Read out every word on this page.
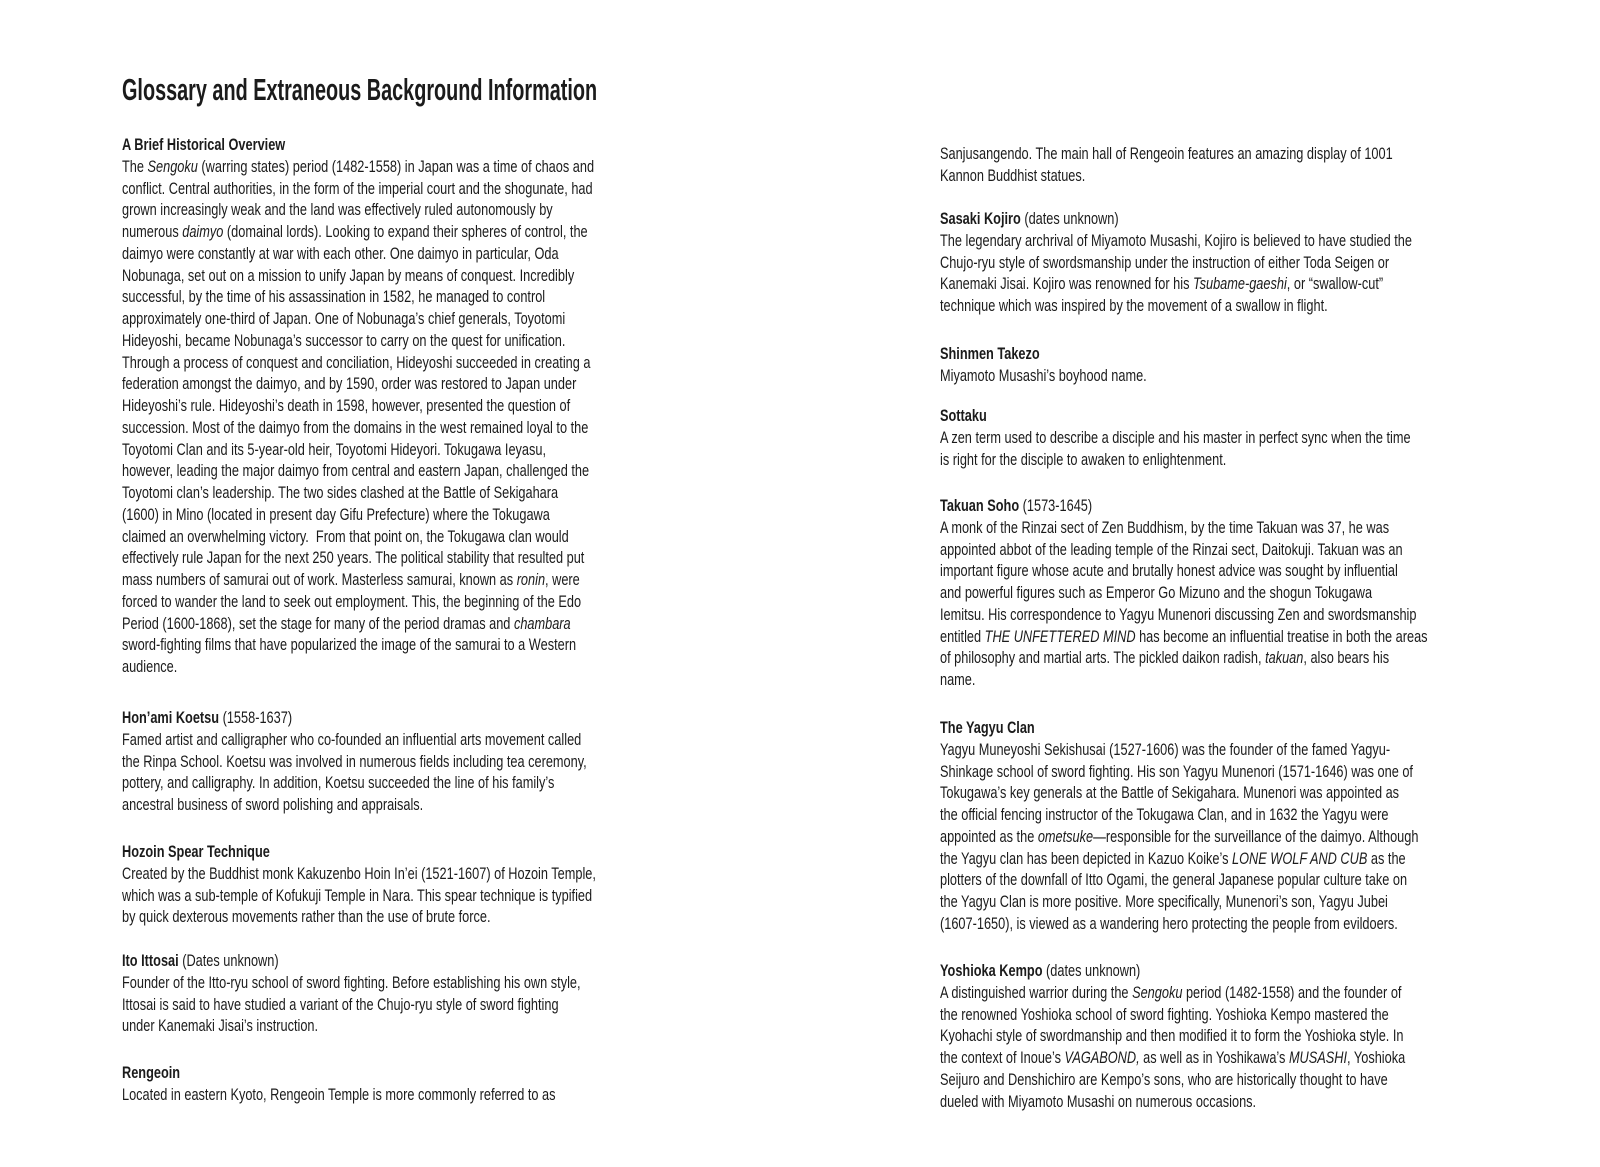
Glossary and Extraneous Background Information
A Brief Historical Overview
The Sengoku (warring states) period (1482-1558) in Japan was a time of chaos and
conflict. Central authorities, in the form of the imperial court and the shogunate, had
grown increasingly weak and the land was effectively ruled autonomously by
numerous daimyo (domainal lords). Looking to expand their spheres of control, the
daimyo were constantly at war with each other. One daimyo in particular, Oda
Nobunaga, set out on a mission to unify Japan by means of conquest. Incredibly
successful, by the time of his assassination in 1582, he managed to control
approximately one-third of Japan. One of Nobunaga’s chief generals, Toyotomi
Hideyoshi, became Nobunaga’s successor to carry on the quest for unification.
Through a process of conquest and conciliation, Hideyoshi succeeded in creating a
federation amongst the daimyo, and by 1590, order was restored to Japan under
Hideyoshi’s rule. Hideyoshi’s death in 1598, however, presented the question of
succession. Most of the daimyo from the domains in the west remained loyal to the
Toyotomi Clan and its 5-year-old heir, Toyotomi Hideyori. Tokugawa Ieyasu,
however, leading the major daimyo from central and eastern Japan, challenged the
Toyotomi clan’s leadership. The two sides clashed at the Battle of Sekigahara
(1600) in Mino (located in present day Gifu Prefecture) where the Tokugawa
claimed an overwhelming victory.  From that point on, the Tokugawa clan would
effectively rule Japan for the next 250 years. The political stability that resulted put
mass numbers of samurai out of work. Masterless samurai, known as ronin, were
forced to wander the land to seek out employment. This, the beginning of the Edo
Period (1600-1868), set the stage for many of the period dramas and chambara
sword-fighting films that have popularized the image of the samurai to a Western
audience.
Hon’ami Koetsu (1558-1637)
Famed artist and calligrapher who co-founded an influential arts movement called
the Rinpa School. Koetsu was involved in numerous fields including tea ceremony,
pottery, and calligraphy. In addition, Koetsu succeeded the line of his family’s
ancestral business of sword polishing and appraisals.
Hozoin Spear Technique
Created by the Buddhist monk Kakuzenbo Hoin In’ei (1521-1607) of Hozoin Temple,
which was a sub-temple of Kofukuji Temple in Nara. This spear technique is typified
by quick dexterous movements rather than the use of brute force.
Ito Ittosai (Dates unknown)
Founder of the Itto-ryu school of sword fighting. Before establishing his own style,
Ittosai is said to have studied a variant of the Chujo-ryu style of sword fighting
under Kanemaki Jisai’s instruction.
Rengeoin
Located in eastern Kyoto, Rengeoin Temple is more commonly referred to as
Sanjusangendo. The main hall of Rengeoin features an amazing display of 1001
Kannon Buddhist statues.
Sasaki Kojiro (dates unknown)
The legendary archrival of Miyamoto Musashi, Kojiro is believed to have studied the
Chujo-ryu style of swordsmanship under the instruction of either Toda Seigen or
Kanemaki Jisai. Kojiro was renowned for his Tsubame-gaeshi, or “swallow-cut”
technique which was inspired by the movement of a swallow in flight.
Shinmen Takezo
Miyamoto Musashi’s boyhood name.
Sottaku
A zen term used to describe a disciple and his master in perfect sync when the time
is right for the disciple to awaken to enlightenment.
Takuan Soho (1573-1645)
A monk of the Rinzai sect of Zen Buddhism, by the time Takuan was 37, he was
appointed abbot of the leading temple of the Rinzai sect, Daitokuji. Takuan was an
important figure whose acute and brutally honest advice was sought by influential
and powerful figures such as Emperor Go Mizuno and the shogun Tokugawa
Iemitsu. His correspondence to Yagyu Munenori discussing Zen and swordsmanship
entitled THE UNFETTERED MIND has become an influential treatise in both the areas
of philosophy and martial arts. The pickled daikon radish, takuan, also bears his
name.
The Yagyu Clan
Yagyu Muneyoshi Sekishusai (1527-1606) was the founder of the famed Yagyu-
Shinkage school of sword fighting. His son Yagyu Munenori (1571-1646) was one of
Tokugawa’s key generals at the Battle of Sekigahara. Munenori was appointed as
the official fencing instructor of the Tokugawa Clan, and in 1632 the Yagyu were
appointed as the ometsuke—responsible for the surveillance of the daimyo. Although
the Yagyu clan has been depicted in Kazuo Koike’s LONE WOLF AND CUB as the
plotters of the downfall of Itto Ogami, the general Japanese popular culture take on
the Yagyu Clan is more positive. More specifically, Munenori’s son, Yagyu Jubei
(1607-1650), is viewed as a wandering hero protecting the people from evildoers.
Yoshioka Kempo (dates unknown)
A distinguished warrior during the Sengoku period (1482-1558) and the founder of
the renowned Yoshioka school of sword fighting. Yoshioka Kempo mastered the
Kyohachi style of swordmanship and then modified it to form the Yoshioka style. In
the context of Inoue’s VAGABOND, as well as in Yoshikawa’s MUSASHI, Yoshioka
Seijuro and Denshichiro are Kempo’s sons, who are historically thought to have
dueled with Miyamoto Musashi on numerous occasions.
